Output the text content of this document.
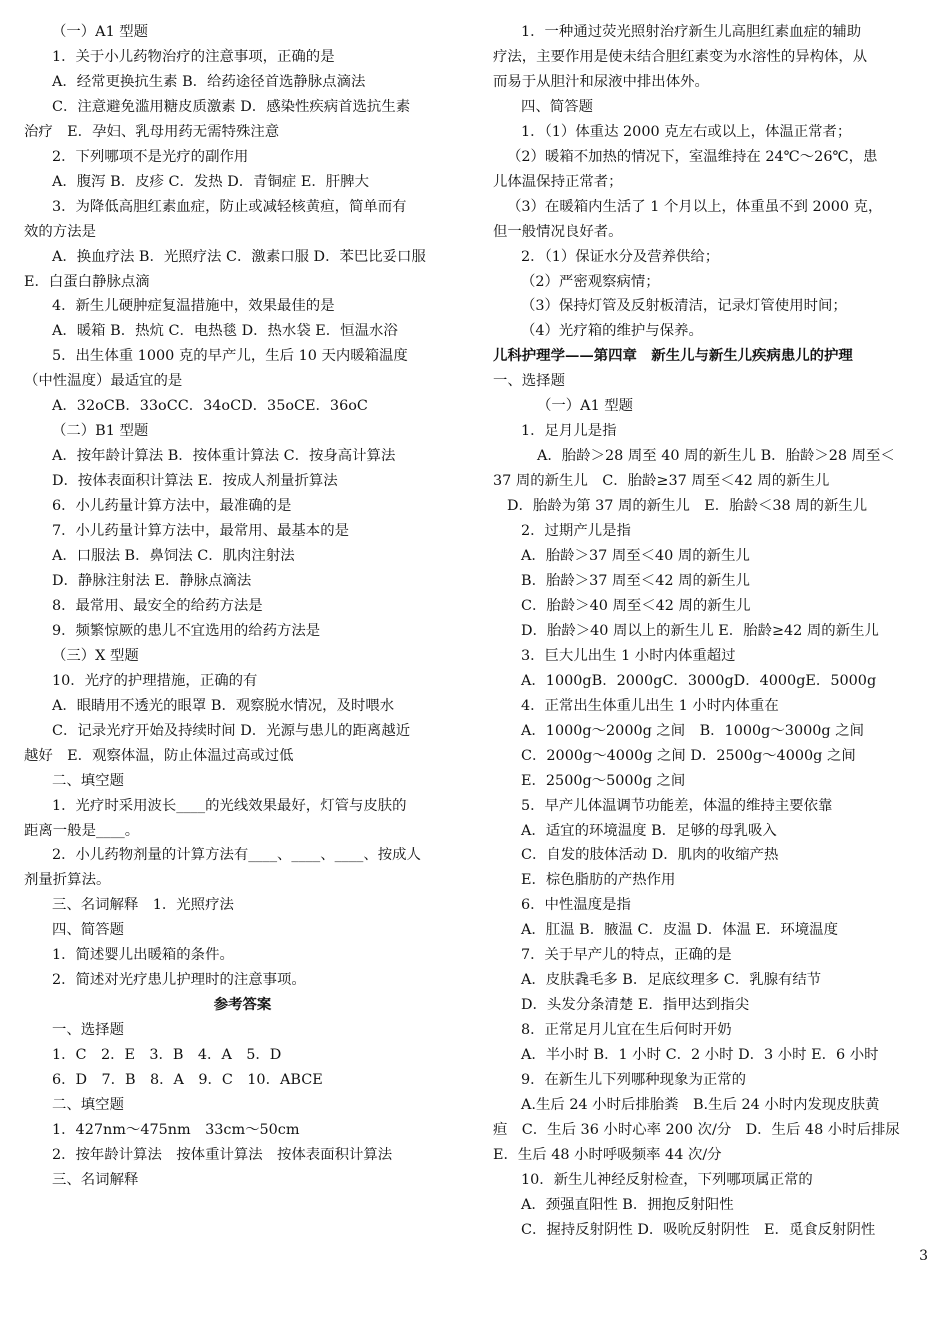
（一）A1 型题
1．关于小儿药物治疗的注意事项，正确的是
A．经常更换抗生素 B．给药途径首选静脉点滴法
C．注意避免滥用糖皮质激素 D．感染性疾病首选抗生素
治疗　E．孕妇、乳母用药无需特殊注意
2．下列哪项不是光疗的副作用
A．腹泻 B．皮疹 C．发热 D．青铜症 E．肝脾大
3．为降低高胆红素血症，防止或减轻核黄疸，简单而有
效的方法是
A．换血疗法 B．光照疗法 C．激素口服 D．苯巴比妥口服
E．白蛋白静脉点滴
4．新生儿硬肿症复温措施中，效果最佳的是
A．暖箱 B．热炕 C．电热毯 D．热水袋 E．恒温水浴
5．出生体重 1000 克的早产儿，生后 10 天内暖箱温度
（中性温度）最适宜的是
A．32oCB．33oCC．34oCD．35oCE．36oC
（二）B1 型题
A．按年龄计算法 B．按体重计算法 C．按身高计算法
D．按体表面积计算法 E．按成人剂量折算法
6．小儿药量计算方法中，最准确的是
7．小儿药量计算方法中，最常用、最基本的是
A．口服法 B．鼻饲法 C．肌肉注射法
D．静脉注射法 E．静脉点滴法
8．最常用、最安全的给药方法是
9．频繁惊厥的患儿不宜选用的给药方法是
（三）X 型题
10．光疗的护理措施，正确的有
A．眼睛用不透光的眼罩 B．观察脱水情况，及时喂水
C．记录光疗开始及持续时间 D．光源与患儿的距离越近
越好　E．观察体温，防止体温过高或过低
二、填空题
1．光疗时采用波长____的光线效果最好，灯管与皮肤的
距离一般是____。
2．小儿药物剂量的计算方法有____、____、____、按成人
剂量折算法。
三、名词解释　1．光照疗法
四、简答题
1．简述婴儿出暖箱的条件。
2．简述对光疗患儿护理时的注意事项。
参考答案
一、选择题
1．C　2．E　3．B　4．A　5．D
6．D　7．B　8．A　9．C　10．ABCE
二、填空题
1．427nm～475nm　33cm～50cm
2．按年龄计算法　按体重计算法　按体表面积计算法
三、名词解释
1．一种通过荧光照射治疗新生儿高胆红素血症的辅助
疗法，主要作用是使未结合胆红素变为水溶性的异构体，从
而易于从胆汁和尿液中排出体外。
四、简答题
1．（1）体重达 2000 克左右或以上，体温正常者；
（2）暖箱不加热的情况下，室温维持在 24℃～26℃，患
儿体温保持正常者；
（3）在暖箱内生活了 1 个月以上，体重虽不到 2000 克，
但一般情况良好者。
2．（1）保证水分及营养供给；
（2）严密观察病情；
（3）保持灯管及反射板清洁，记录灯管使用时间；
（4）光疗箱的维护与保养。
儿科护理学——第四章　新生儿与新生儿疾病患儿的护理
一、选择题
（一）A1 型题
1．足月儿是指
A．胎龄＞28 周至 40 周的新生儿 B．胎龄＞28 周至＜
37 周的新生儿　C．胎龄≥37 周至＜42 周的新生儿
D．胎龄为第 37 周的新生儿　E．胎龄＜38 周的新生儿
2．过期产儿是指
A．胎龄＞37 周至＜40 周的新生儿
B．胎龄＞37 周至＜42 周的新生儿
C．胎龄＞40 周至＜42 周的新生儿
D．胎龄＞40 周以上的新生儿 E．胎龄≥42 周的新生儿
3．巨大儿出生 1 小时内体重超过
A．1000gB．2000gC．3000gD．4000gE．5000g
4．正常出生体重儿出生 1 小时内体重在
A．1000g～2000g 之间　B．1000g～3000g 之间
C．2000g～4000g 之间 D．2500g～4000g 之间
E．2500g～5000g 之间
5．早产儿体温调节功能差，体温的维持主要依靠
A．适宜的环境温度 B．足够的母乳吸入
C．自发的肢体活动 D．肌肉的收缩产热
E．棕色脂肪的产热作用
6．中性温度是指
A．肛温 B．腋温 C．皮温 D．体温 E．环境温度
7．关于早产儿的特点，正确的是
A．皮肤毳毛多 B．足底纹理多 C．乳腺有结节
D．头发分条清楚 E．指甲达到指尖
8．正常足月儿宜在生后何时开奶
A．半小时 B．1 小时 C．2 小时 D．3 小时 E．6 小时
9．在新生儿下列哪种现象为正常的
A.生后 24 小时后排胎粪　B.生后 24 小时内发现皮肤黄
疸　C．生后 36 小时心率 200 次/分　D．生后 48 小时后排尿
E．生后 48 小时呼吸频率 44 次/分
10．新生儿神经反射检查，下列哪项属正常的
A．颈强直阳性 B．拥抱反射阳性
C．握持反射阴性 D．吸吮反射阴性　E．觅食反射阴性
3
